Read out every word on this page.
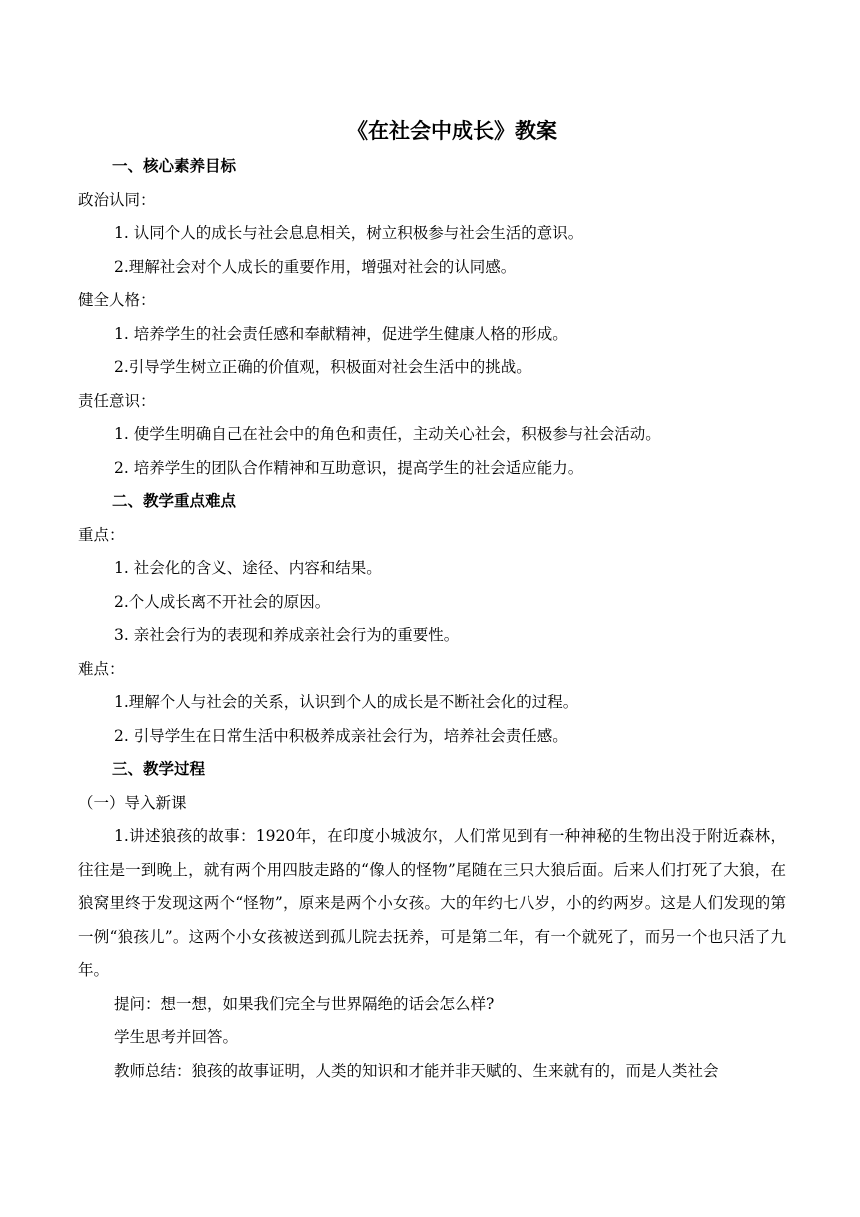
《在社会中成长》教案
一、核心素养目标
政治认同：
1. 认同个人的成长与社会息息相关，树立积极参与社会生活的意识。
2.理解社会对个人成长的重要作用，增强对社会的认同感。
健全人格：
1. 培养学生的社会责任感和奉献精神，促进学生健康人格的形成。
2.引导学生树立正确的价值观，积极面对社会生活中的挑战。
责任意识：
1. 使学生明确自己在社会中的角色和责任，主动关心社会，积极参与社会活动。
2. 培养学生的团队合作精神和互助意识，提高学生的社会适应能力。
二、教学重点难点
重点：
1. 社会化的含义、途径、内容和结果。
2.个人成长离不开社会的原因。
3. 亲社会行为的表现和养成亲社会行为的重要性。
难点：
1.理解个人与社会的关系，认识到个人的成长是不断社会化的过程。
2. 引导学生在日常生活中积极养成亲社会行为，培养社会责任感。
三、教学过程
（一）导入新课

1.讲述狼孩的故事：1920年，在印度小城波尔，人们常见到有一种神秘的生物出没于附近森林，往往是一到晚上，就有两个用四肢走路的“像人的怪物”尾随在三只大狼后面。后来人们打死了大狼，在狼窝里终于发现这两个“怪物”，原来是两个小女孩。大的年约七八岁，小的约两岁。这是人们发现的第一例“狼孩儿”。这两个小女孩被送到孤儿院去抚养，可是第二年，有一个就死了，而另一个也只活了九年。

提问：想一想，如果我们完全与世界隔绝的话会怎么样?
学生思考并回答。
教师总结：狼孩的故事证明，人类的知识和才能并非天赋的、生来就有的，而是人类社会
